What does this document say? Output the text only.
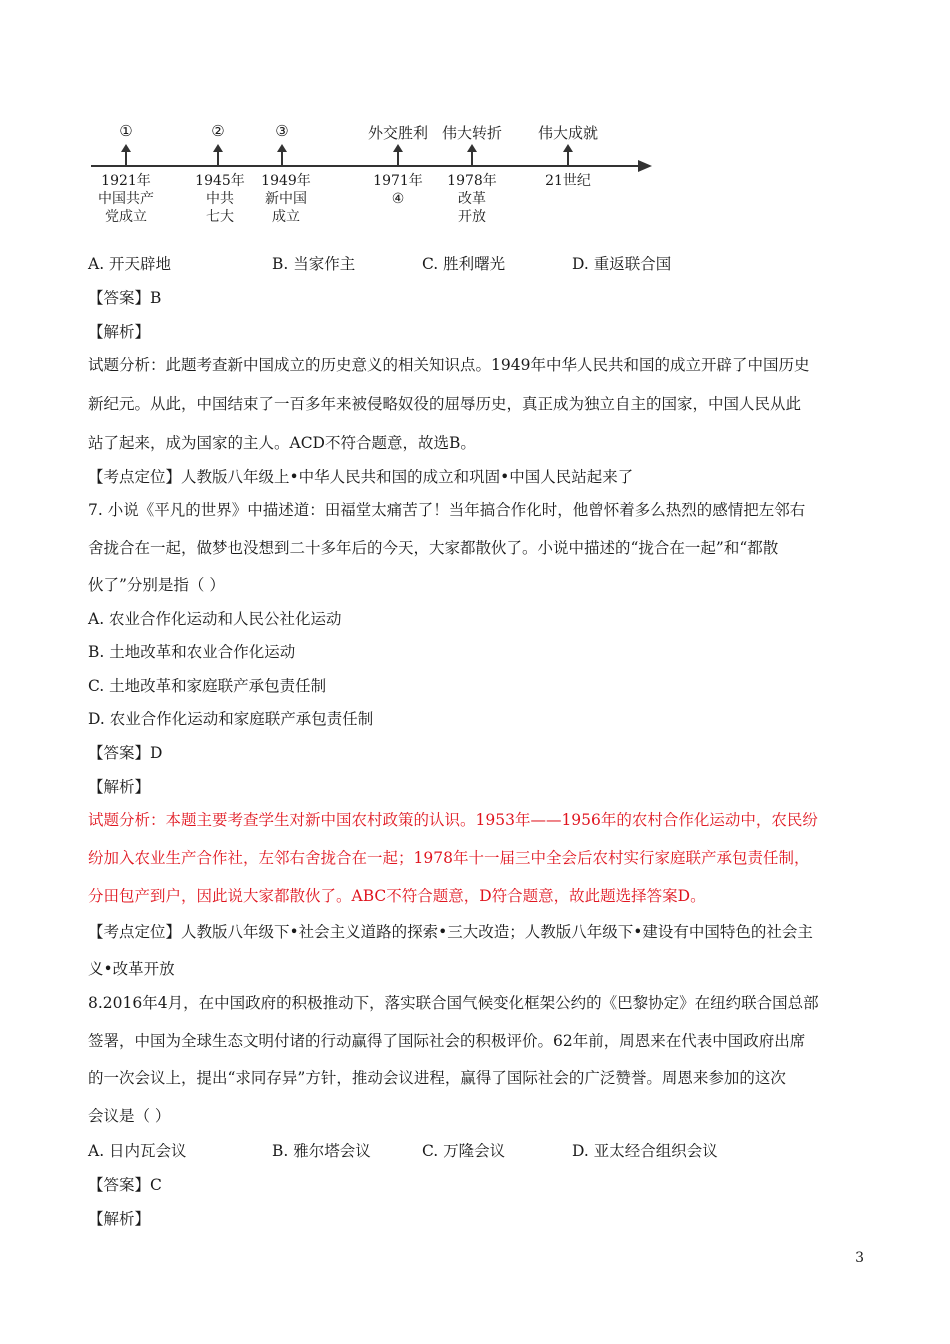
①	②	③	外交胜利 伟大转折 伟大成就
1921年
中国共产
党成立
1945年
中共
七大
1949年
新中国
成立
1971年
④
1978年
改革
开放
21世纪
A. 开天辟地	B. 当家作主	C. 胜利曙光	D. 重返联合国
【答案】B
【解析】
试题分析：此题考查新中国成立的历史意义的相关知识点。1949年中华人民共和国的成立开辟了中国历史
新纪元。从此，中国结束了一百多年来被侵略奴役的屈辱历史，真正成为独立自主的国家，中国人民从此
站了起来，成为国家的主人。ACD不符合题意，故选B。
【考点定位】人教版八年级上•中华人民共和国的成立和巩固•中国人民站起来了
7. 小说《平凡的世界》中描述道：田福堂太痛苦了！当年搞合作化时，他曾怀着多么热烈的感情把左邻右
舍拢合在一起，做梦也没想到二十多年后的今天，大家都散伙了。小说中描述的“拢合在一起”和“都散
伙了”分别是指（ ）
A. 农业合作化运动和人民公社化运动
B. 土地改革和农业合作化运动
C. 土地改革和家庭联产承包责任制
D. 农业合作化运动和家庭联产承包责任制
【答案】D
【解析】
试题分析：本题主要考查学生对新中国农村政策的认识。1953年——1956年的农村合作化运动中，农民纷
纷加入农业生产合作社，左邻右舍拢合在一起；1978年十一届三中全会后农村实行家庭联产承包责任制，
分田包产到户，因此说大家都散伙了。ABC不符合题意，D符合题意，故此题选择答案D。
【考点定位】人教版八年级下•社会主义道路的探索•三大改造；人教版八年级下•建设有中国特色的社会主
义•改革开放
8.2016年4月，在中国政府的积极推动下，落实联合国气候变化框架公约的《巴黎协定》在纽约联合国总部
签署，中国为全球生态文明付诸的行动赢得了国际社会的积极评价。62年前，周恩来在代表中国政府出席
的一次会议上，提出“求同存异”方针，推动会议进程，赢得了国际社会的广泛赞誉。周恩来参加的这次
会议是（ ）
A. 日内瓦会议	B. 雅尔塔会议	C. 万隆会议	D. 亚太经合组织会议
【答案】C
【解析】
3
